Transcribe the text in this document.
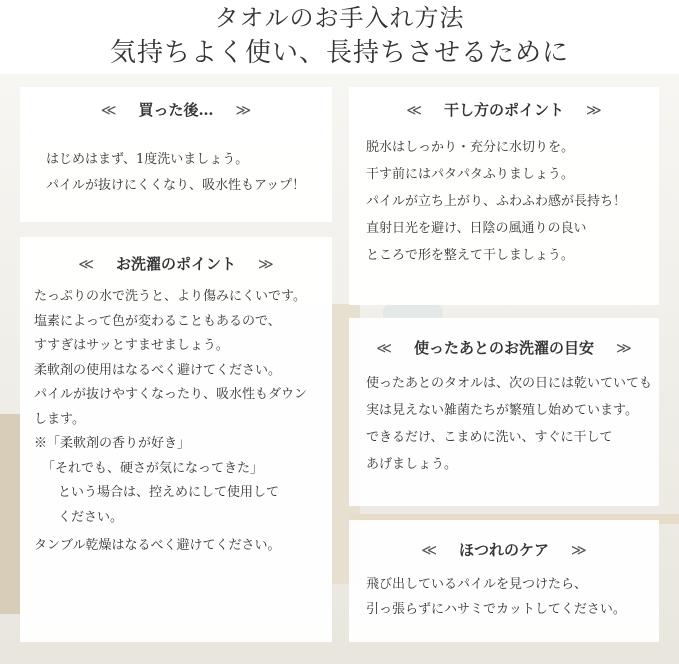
タオルのお手入れ方法
気持ちよく使い、長持ちさせるために
≪ 買った後… ≫
はじめはまず、1度洗いましょう。
パイルが抜けにくくなり、吸水性もアップ！
≪ 干し方のポイント ≫
脱水はしっかり・充分に水切りを。
干す前にはパタパタふりましょう。
パイルが立ち上がり、ふわふわ感が長持ち！
直射日光を避け、日陰の風通りの良い
ところで形を整えて干しましょう。
≪ お洗濯のポイント ≫
たっぷりの水で洗うと、より傷みにくいです。
塩素によって色が変わることもあるので、
すすぎはサッとすませましょう。
柔軟剤の使用はなるべく避けてください。
パイルが抜けやすくなったり、吸水性もダウン
します。
※「柔軟剤の香りが好き」
「それでも、硬さが気になってきた」
という場合は、控えめにして使用して
ください。
タンブル乾燥はなるべく避けてください。
≪ 使ったあとのお洗濯の目安 ≫
使ったあとのタオルは、次の日には乾いていても
実は見えない雑菌たちが繁殖し始めています。
できるだけ、こまめに洗い、すぐに干して
あげましょう。
≪ ほつれのケア ≫
飛び出しているパイルを見つけたら、
引っ張らずにハサミでカットしてください。
